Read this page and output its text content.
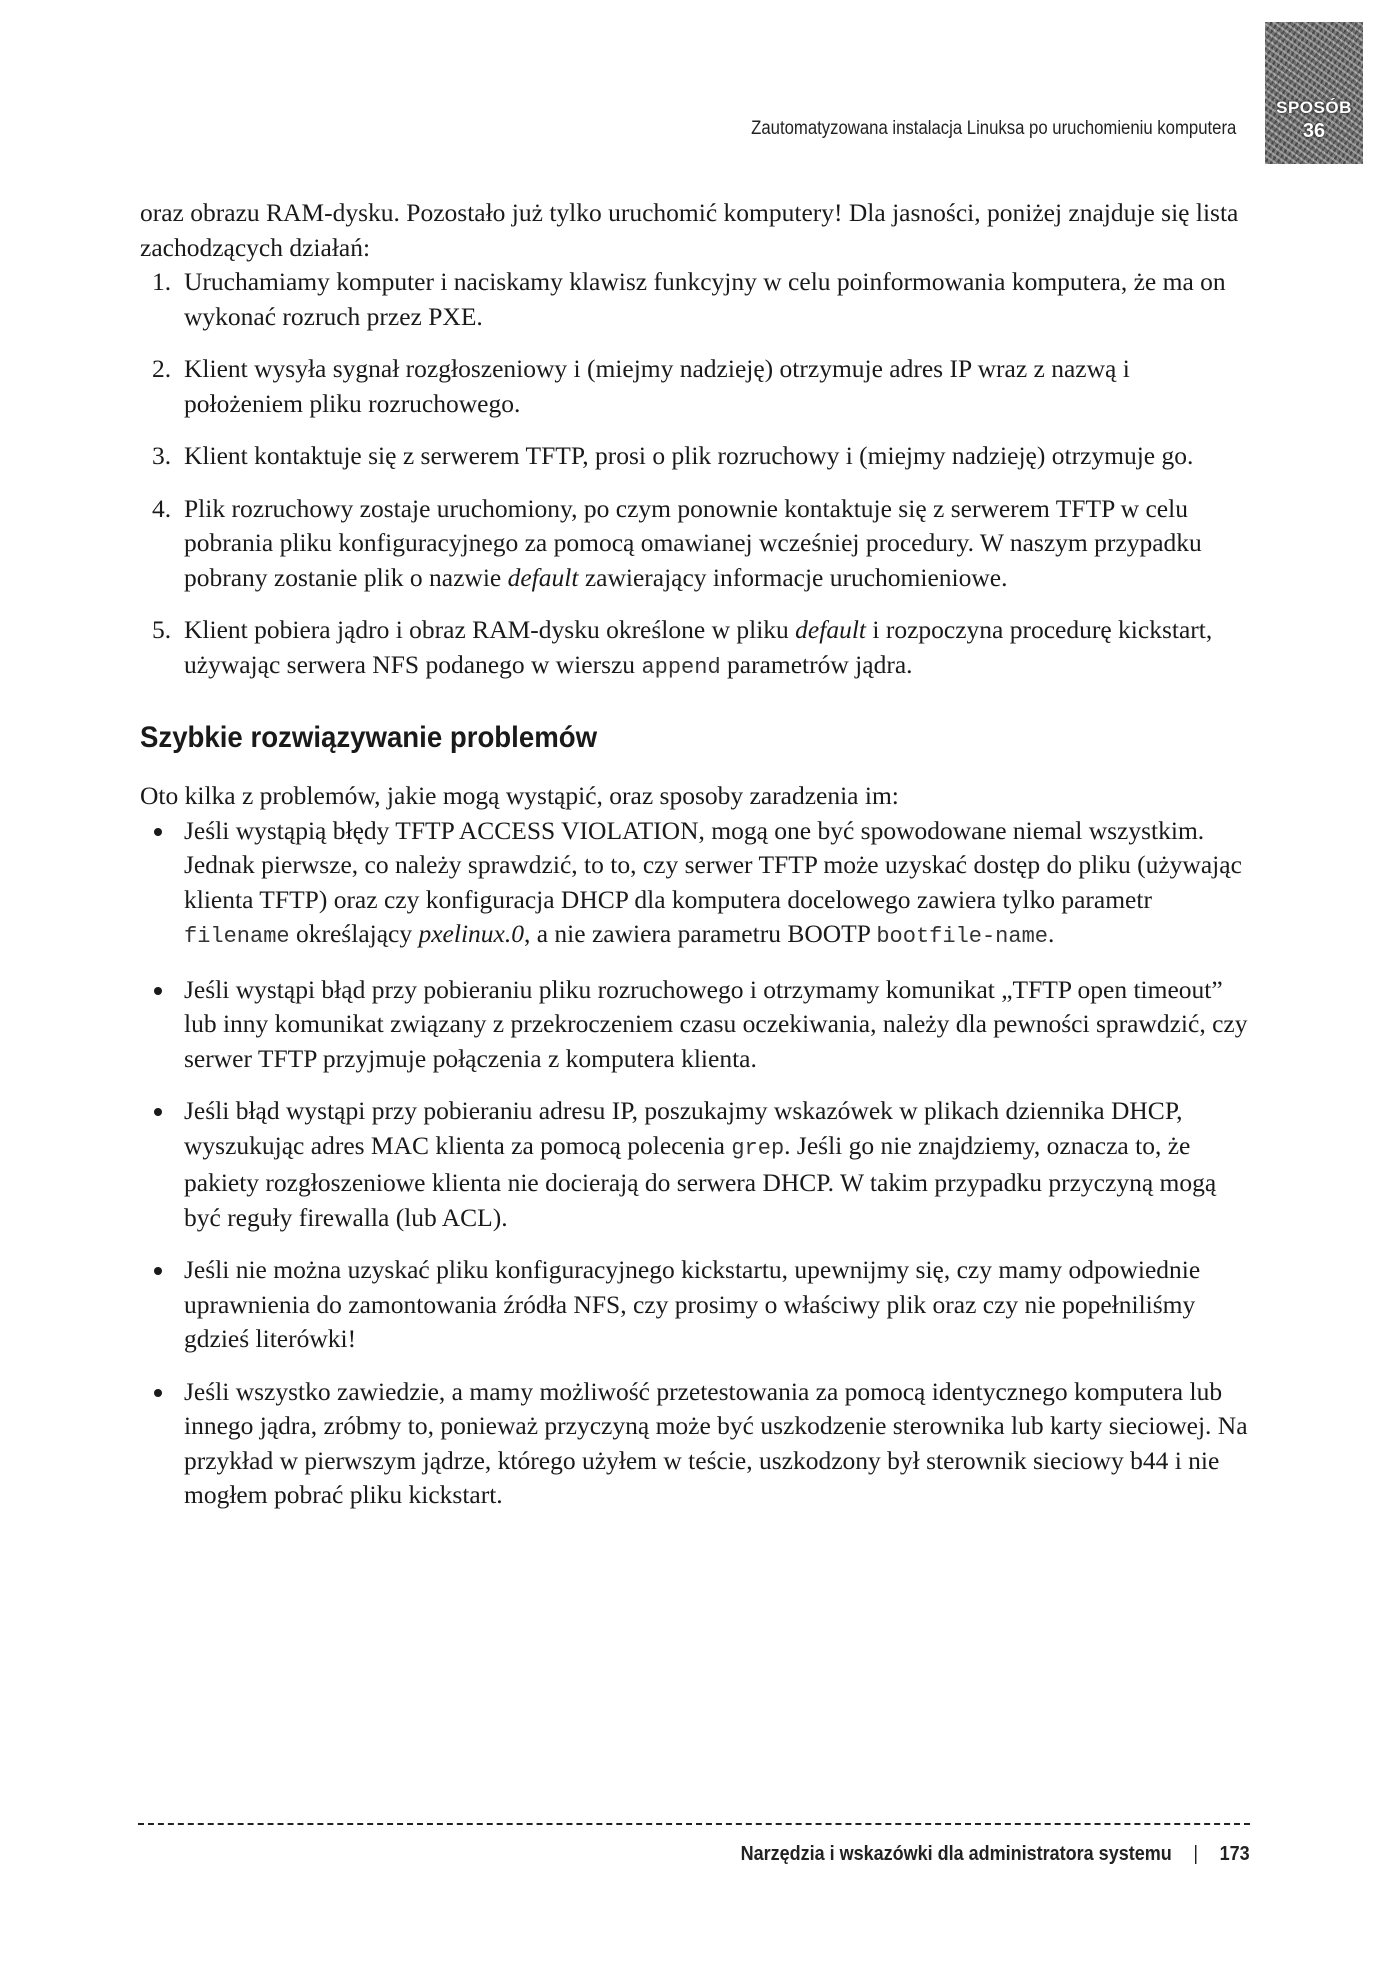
Zautomatyzowana instalacja Linuksa po uruchomieniu komputera
SPOSÓB
36

oraz obrazu RAM-dysku. Pozostało już tylko uruchomić komputery! Dla jasności, poniżej znajduje się lista zachodzących działań:

1. Uruchamiamy komputer i naciskamy klawisz funkcyjny w celu poinformowania komputera, że ma on wykonać rozruch przez PXE.
2. Klient wysyła sygnał rozgłoszeniowy i (miejmy nadzieję) otrzymuje adres IP wraz z nazwą i położeniem pliku rozruchowego.
3. Klient kontaktuje się z serwerem TFTP, prosi o plik rozruchowy i (miejmy nadzieję) otrzymuje go.
4. Plik rozruchowy zostaje uruchomiony, po czym ponownie kontaktuje się z serwerem TFTP w celu pobrania pliku konfiguracyjnego za pomocą omawianej wcześniej procedury. W naszym przypadku pobrany zostanie plik o nazwie default zawierający informacje uruchomieniowe.
5. Klient pobiera jądro i obraz RAM-dysku określone w pliku default i rozpoczyna procedurę kickstart, używając serwera NFS podanego w wierszu append parametrów jądra.
Szybkie rozwiązywanie problemów

Oto kilka z problemów, jakie mogą wystąpić, oraz sposoby zaradzenia im:

Jeśli wystąpią błędy TFTP ACCESS VIOLATION, mogą one być spowodowane niemal wszystkim. Jednak pierwsze, co należy sprawdzić, to to, czy serwer TFTP może uzyskać dostęp do pliku (używając klienta TFTP) oraz czy konfiguracja DHCP dla komputera docelowego zawiera tylko parametr filename określający pxelinux.0, a nie zawiera parametru BOOTP bootfile-name.
Jeśli wystąpi błąd przy pobieraniu pliku rozruchowego i otrzymamy komunikat „TFTP open timeout” lub inny komunikat związany z przekroczeniem czasu oczekiwania, należy dla pewności sprawdzić, czy serwer TFTP przyjmuje połączenia z komputera klienta.
Jeśli błąd wystąpi przy pobieraniu adresu IP, poszukajmy wskazówek w plikach dziennika DHCP, wyszukując adres MAC klienta za pomocą polecenia grep. Jeśli go nie znajdziemy, oznacza to, że pakiety rozgłoszeniowe klienta nie docierają do serwera DHCP. W takim przypadku przyczyną mogą być reguły firewalla (lub ACL).
Jeśli nie można uzyskać pliku konfiguracyjnego kickstartu, upewnijmy się, czy mamy odpowiednie uprawnienia do zamontowania źródła NFS, czy prosimy o właściwy plik oraz czy nie popełniliśmy gdzieś literówki!
Jeśli wszystko zawiedzie, a mamy możliwość przetestowania za pomocą identycznego komputera lub innego jądra, zróbmy to, ponieważ przyczyną może być uszkodzenie sterownika lub karty sieciowej. Na przykład w pierwszym jądrze, którego użyłem w teście, uszkodzony był sterownik sieciowy b44 i nie mogłem pobrać pliku kickstart.
Narzędzia i wskazówki dla administratora systemu | 173
